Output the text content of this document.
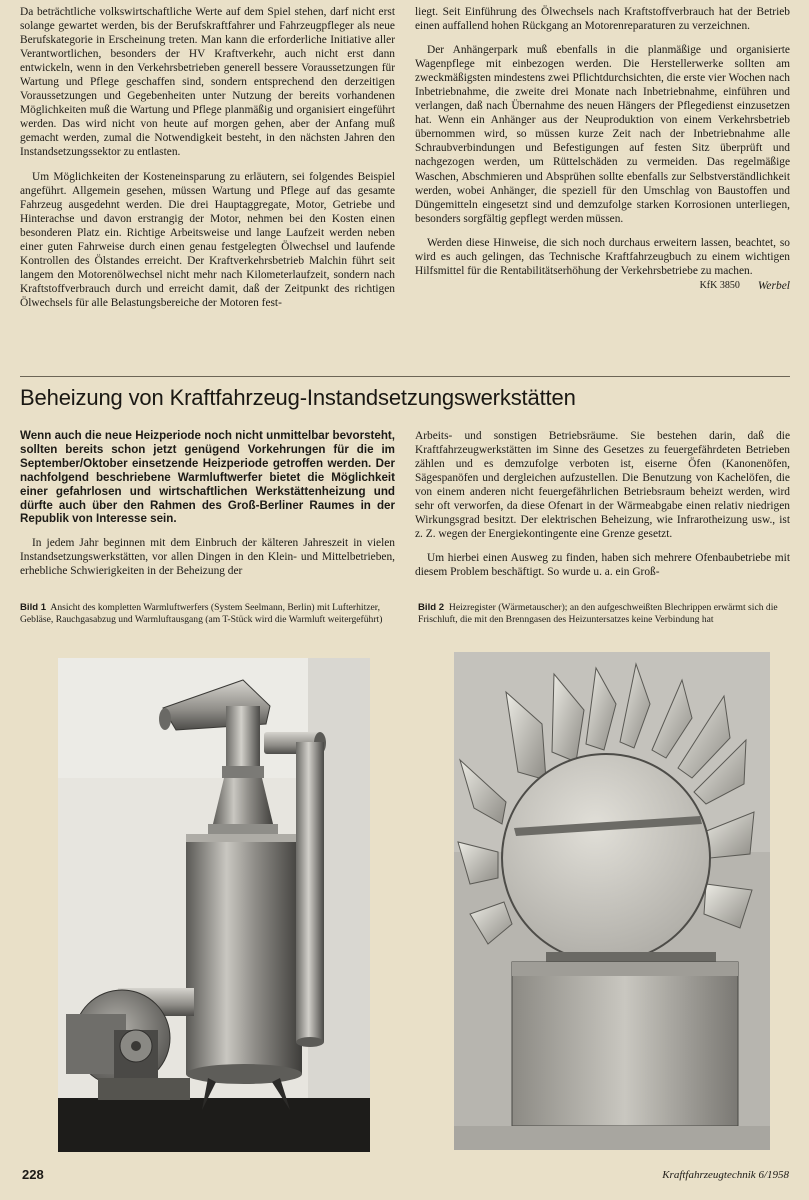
Da beträchtliche volkswirtschaftliche Werte auf dem Spiel stehen, darf nicht erst solange gewartet werden, bis der Berufskraftfahrer und Fahrzeugpfleger als neue Berufskategorie in Erscheinung treten. Man kann die erforderliche Initiative aller Verantwortlichen, besonders der HV Kraftverkehr, auch nicht erst dann entwickeln, wenn in den Verkehrsbetrieben generell bessere Voraussetzungen für Wartung und Pflege geschaffen sind, sondern entsprechend den derzeitigen Voraussetzungen und Gegebenheiten unter Nutzung der bereits vorhandenen Möglichkeiten muß die Wartung und Pflege planmäßig und organisiert eingeführt werden. Das wird nicht von heute auf morgen gehen, aber der Anfang muß gemacht werden, zumal die Notwendigkeit besteht, in den nächsten Jahren den Instandsetzungssektor zu entlasten.

Um Möglichkeiten der Kosteneinsparung zu erläutern, sei folgendes Beispiel angeführt. Allgemein gesehen, müssen Wartung und Pflege auf das gesamte Fahrzeug ausgedehnt werden. Die drei Hauptaggregate, Motor, Getriebe und Hinterachse und davon erstrangig der Motor, nehmen bei den Kosten einen besonderen Platz ein. Richtige Arbeitsweise und lange Laufzeit werden neben einer guten Fahrweise durch einen genau festgelegten Ölwechsel und laufende Kontrollen des Ölstandes erreicht. Der Kraftverkehrsbetrieb Malchin führt seit langem den Motorenölwechsel nicht mehr nach Kilometerlaufzeit, sondern nach Kraftstoffverbrauch durch und erreicht damit, daß der Zeitpunkt des richtigen Ölwechsels für alle Belastungsbereiche der Motoren fest-

liegt. Seit Einführung des Ölwechsels nach Kraftstoffverbrauch hat der Betrieb einen auffallend hohen Rückgang an Motorenreparaturen zu verzeichnen.

Der Anhängerpark muß ebenfalls in die planmäßige und organisierte Wagenpflege mit einbezogen werden. Die Herstellerwerke sollten am zweckmäßigsten mindestens zwei Pflichtdurchsichten, die erste vier Wochen nach Inbetriebnahme, die zweite drei Monate nach Inbetriebnahme, einführen und verlangen, daß nach Übernahme des neuen Hängers der Pflegedienst einzusetzen hat. Wenn ein Anhänger aus der Neuproduktion von einem Verkehrsbetrieb übernommen wird, so müssen kurze Zeit nach der Inbetriebnahme alle Schraubverbindungen und Befestigungen auf festen Sitz überprüft und nachgezogen werden, um Rüttelschäden zu vermeiden. Das regelmäßige Waschen, Abschmieren und Absprühen sollte ebenfalls zur Selbstverständlichkeit werden, wobei Anhänger, die speziell für den Umschlag von Baustoffen und Düngemitteln eingesetzt sind und demzufolge starken Korrosionen unterliegen, besonders sorgfältig gepflegt werden müssen.

Werden diese Hinweise, die sich noch durchaus erweitern lassen, beachtet, so wird es auch gelingen, das Technische Kraftfahrzeugbuch zu einem wichtigen Hilfsmittel für die Rentabilitätserhöhung der Verkehrsbetriebe zu machen.

KfK 3850 Werbel
Beheizung von Kraftfahrzeug-Instandsetzungswerkstätten

Wenn auch die neue Heizperiode noch nicht unmittelbar bevorsteht, sollten bereits schon jetzt genügend Vorkehrungen für die im September/Oktober einsetzende Heizperiode getroffen werden. Der nachfolgend beschriebene Warmluftwerfer bietet die Möglichkeit einer gefahrlosen und wirtschaftlichen Werkstättenheizung und dürfte auch über den Rahmen des Groß-Berliner Raumes in der Republik von Interesse sein.

In jedem Jahr beginnen mit dem Einbruch der kälteren Jahreszeit in vielen Instandsetzungswerkstätten, vor allen Dingen in den Klein- und Mittelbetrieben, erhebliche Schwierigkeiten in der Beheizung der

Arbeits- und sonstigen Betriebsräume. Sie bestehen darin, daß die Kraftfahrzeugwerkstätten im Sinne des Gesetzes zu feuergefährdeten Betrieben zählen und es demzufolge verboten ist, eiserne Öfen (Kanonenöfen, Sägespanöfen und dergleichen aufzustellen. Die Benutzung von Kachelöfen, die von einem anderen nicht feuergefährlichen Betriebsraum beheizt werden, wird sehr oft verworfen, da diese Ofenart in der Wärmeabgabe einen relativ niedrigen Wirkungsgrad besitzt. Der elektrischen Beheizung, wie Infrarotheizung usw., ist z. Z. wegen der Energiekontingente eine Grenze gesetzt.

Um hierbei einen Ausweg zu finden, haben sich mehrere Ofenbaubetriebe mit diesem Problem beschäftigt. So wurde u. a. ein Groß-

Bild 1 Ansicht des kompletten Warmluftwerfers (System Seelmann, Berlin) mit Lufterhitzer, Gebläse, Rauchgasabzug und Warmluftausgang (am T-Stück wird die Warmluft weitergeführt)
Bild 2 Heizregister (Wärmetauscher); an den aufgeschweißten Blechrippen erwärmt sich die Frischluft, die mit den Brenngasen des Heizuntersatzes keine Verbindung hat
228	Kraftfahrzeugtechnik 6/1958
